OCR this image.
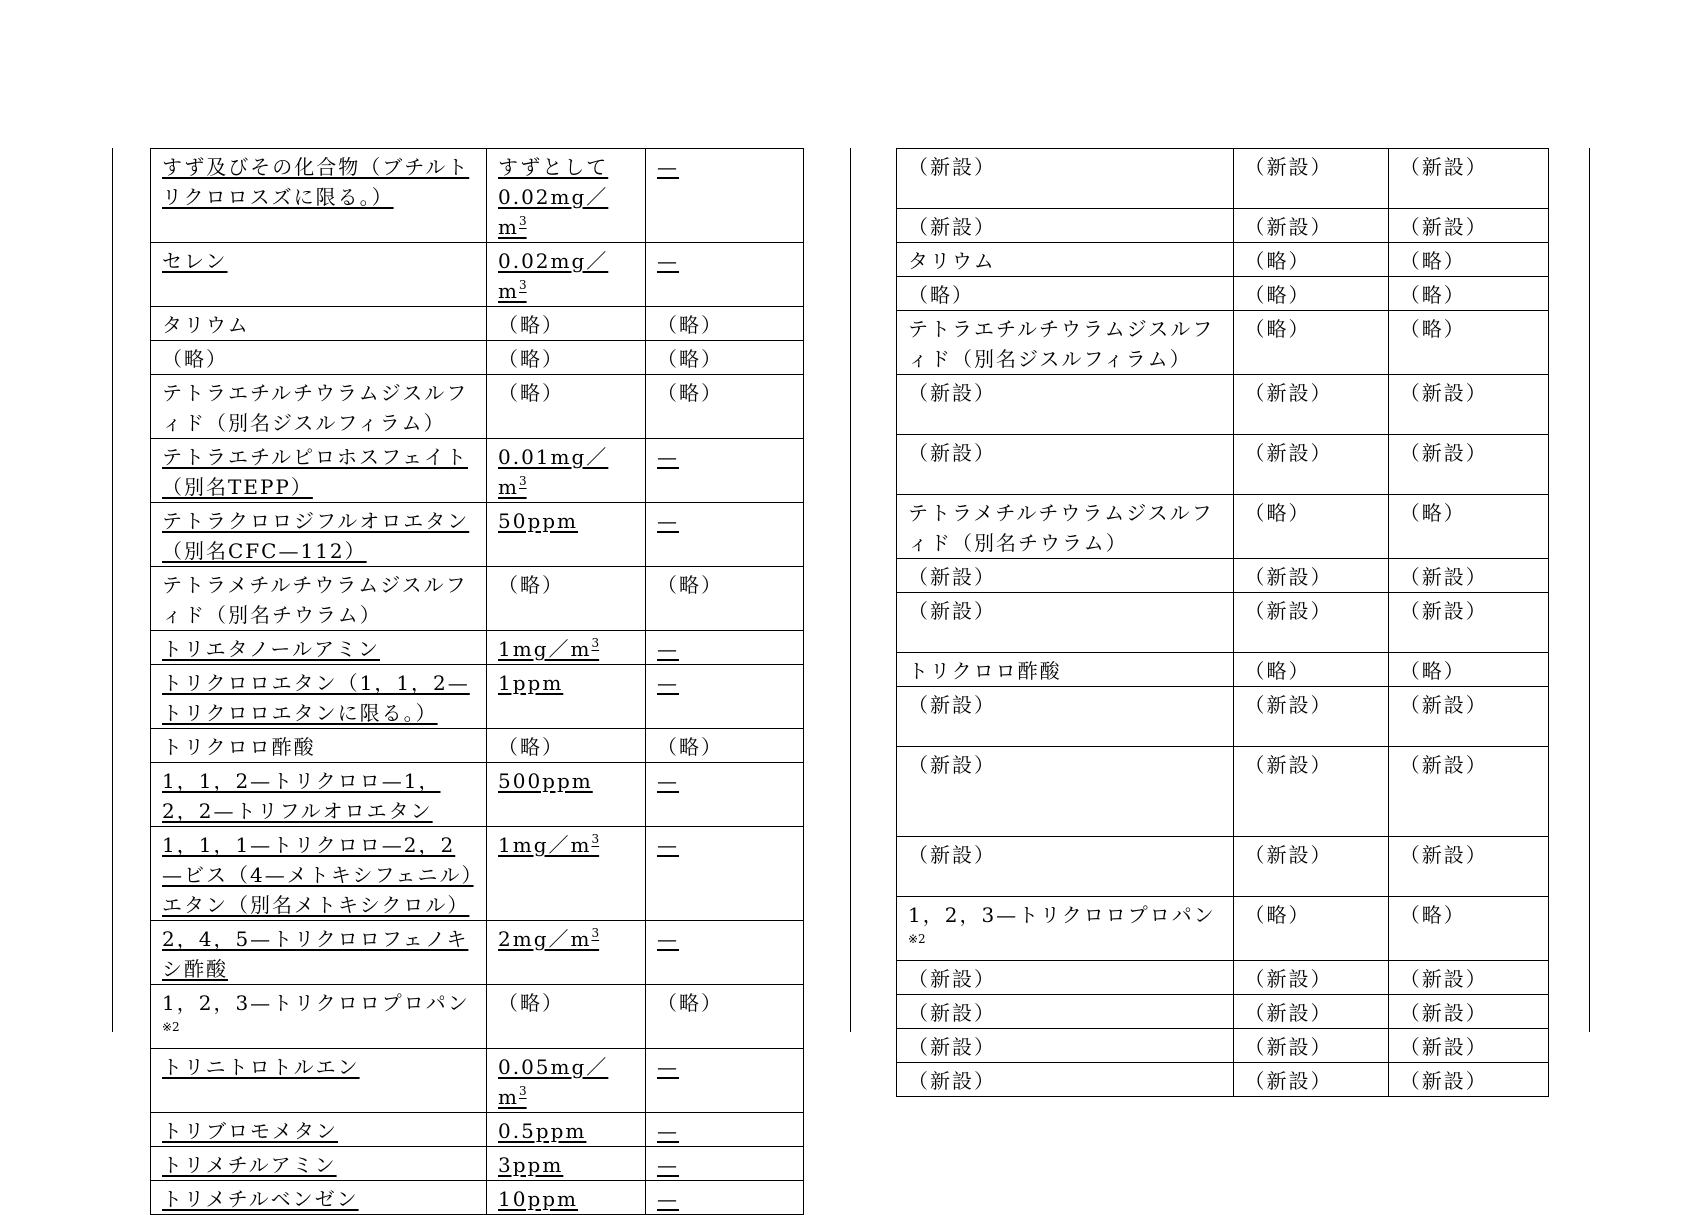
すず及びその化合物（ブチルトリクロロスズに限る。）	すずとして$0.02mg/m^3$	—
セレン	$0.02mg/m^3$	—
タリウム	（略）	（略）
（略）	（略）	（略）
テトラエチルチウラムジスルフィド（別名ジスルフィラム）	（略）	（略）
テトラエチルピロホスフェイト（別名TEPP）	$0.01mg/m^3$	—
テトラクロロジフルオロエタン（別名CFC—112）	50ppm	—
テトラメチルチウラムジスルフィド（別名チウラム）	（略）	（略）
トリエタノールアミン	$1mg/m^3$	—
トリクロロエタン（1，1，2—トリクロロエタンに限る。）	1ppm	—
トリクロロ酢酸	（略）	（略）
1，1，2—トリクロロ—1，2，2—トリフルオロエタン	500ppm	—
1，1，1—トリクロロ—2，2—ビス（4—メトキシフェニル）エタン（別名メトキシクロル）	$1mg/m^3$	—
2，4，5—トリクロロフェノキシ酢酸	$2mg/m^3$	—
1，2，3—トリクロロプロパン$^{※2}$	（略）	（略）
トリニトロトルエン	$0.05mg/m^3$	—
トリブロモメタン	0.5ppm	—
トリメチルアミン	3ppm	—
トリメチルベンゼン	10ppm	—
（新設）	（新設）	（新設）
（新設）	（新設）	（新設）
タリウム	（略）	（略）
（略）	（略）	（略）
テトラエチルチウラムジスルフィド（別名ジスルフィラム）	（略）	（略）
（新設）	（新設）	（新設）
（新設）	（新設）	（新設）
テトラメチルチウラムジスルフィド（別名チウラム）	（略）	（略）
（新設）	（新設）	（新設）
（新設）	（新設）	（新設）
トリクロロ酢酸	（略）	（略）
（新設）	（新設）	（新設）
（新設）	（新設）	（新設）
（新設）	（新設）	（新設）
1，2，3—トリクロロプロパン$^{※2}$	（略）	（略）
（新設）	（新設）	（新設）
（新設）	（新設）	（新設）
（新設）	（新設）	（新設）
（新設）	（新設）	（新設）
